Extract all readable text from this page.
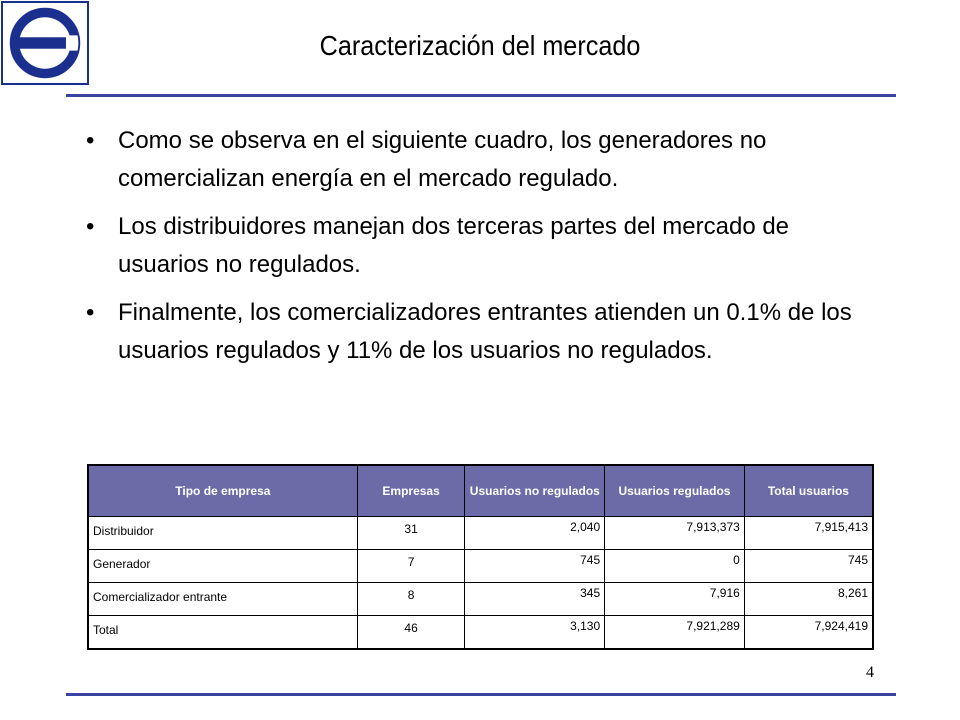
Caracterización del mercado
• Como se observa en el siguiente cuadro, los generadores no comercializan energía en el mercado regulado.
• Los distribuidores manejan dos terceras partes del mercado de usuarios no regulados.
• Finalmente, los comercializadores entrantes atienden un 0.1% de los usuarios regulados y 11% de los usuarios no regulados.
Tipo de empresa	Empresas	Usuarios no regulados	Usuarios regulados	Total usuarios
Distribuidor	31	2,040	7,913,373	7,915,413
Generador	7	745	0	745
Comercializador entrante	8	345	7,916	8,261
Total	46	3,130	7,921,289	7,924,419
4
